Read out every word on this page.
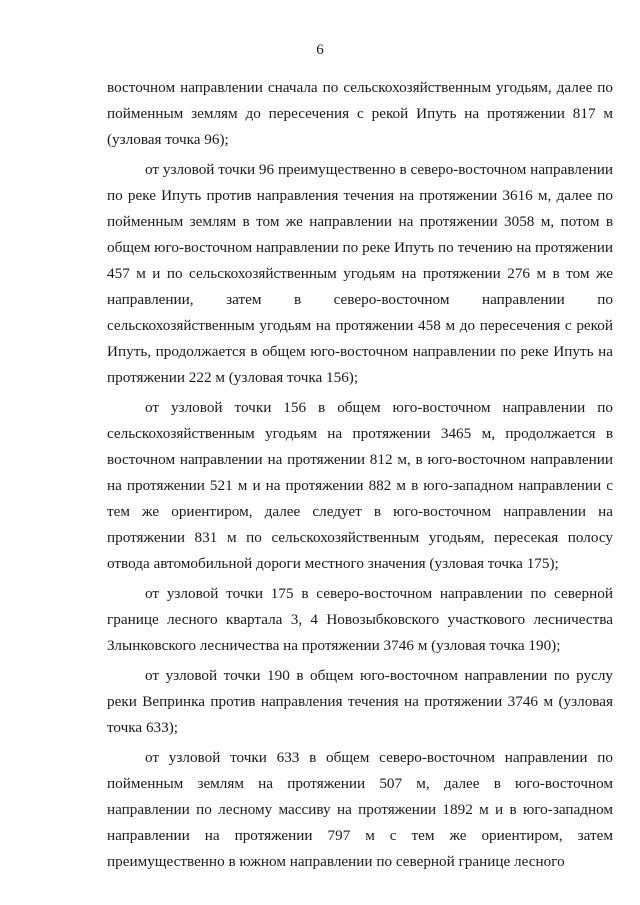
6

восточном направлении сначала по сельскохозяйственным угодьям, далее по пойменным землям до пересечения с рекой Ипуть на протяжении 817 м (узловая точка 96);

от узловой точки 96 преимущественно в северо-восточном направлении по реке Ипуть против направления течения на протяжении 3616 м, далее по пойменным землям в том же направлении на протяжении 3058 м, потом в общем юго-восточном направлении по реке Ипуть по течению на протяжении 457 м и по сельскохозяйственным угодьям на протяжении 276 м в том же направлении, затем в северо-восточном направлении по сельскохозяйственным угодьям на протяжении 458 м до пересечения с рекой Ипуть, продолжается в общем юго-восточном направлении по реке Ипуть на протяжении 222 м (узловая точка 156);

от узловой точки 156 в общем юго-восточном направлении по сельскохозяйственным угодьям на протяжении 3465 м, продолжается в восточном направлении на протяжении 812 м, в юго-восточном направлении на протяжении 521 м и на протяжении 882 м в юго-западном направлении с тем же ориентиром, далее следует в юго-восточном направлении на протяжении 831 м по сельскохозяйственным угодьям, пересекая полосу отвода автомобильной дороги местного значения (узловая точка 175);

от узловой точки 175 в северо-восточном направлении по северной границе лесного квартала 3, 4 Новозыбковского участкового лесничества Злынковского лесничества на протяжении 3746 м (узловая точка 190);

от узловой точки 190 в общем юго-восточном направлении по руслу реки Вепринка против направления течения на протяжении 3746 м (узловая точка 633);

от узловой точки 633 в общем северо-восточном направлении по пойменным землям на протяжении 507 м, далее в юго-восточном направлении по лесному массиву на протяжении 1892 м и в юго-западном направлении на протяжении 797 м с тем же ориентиром, затем преимущественно в южном направлении по северной границе лесного
